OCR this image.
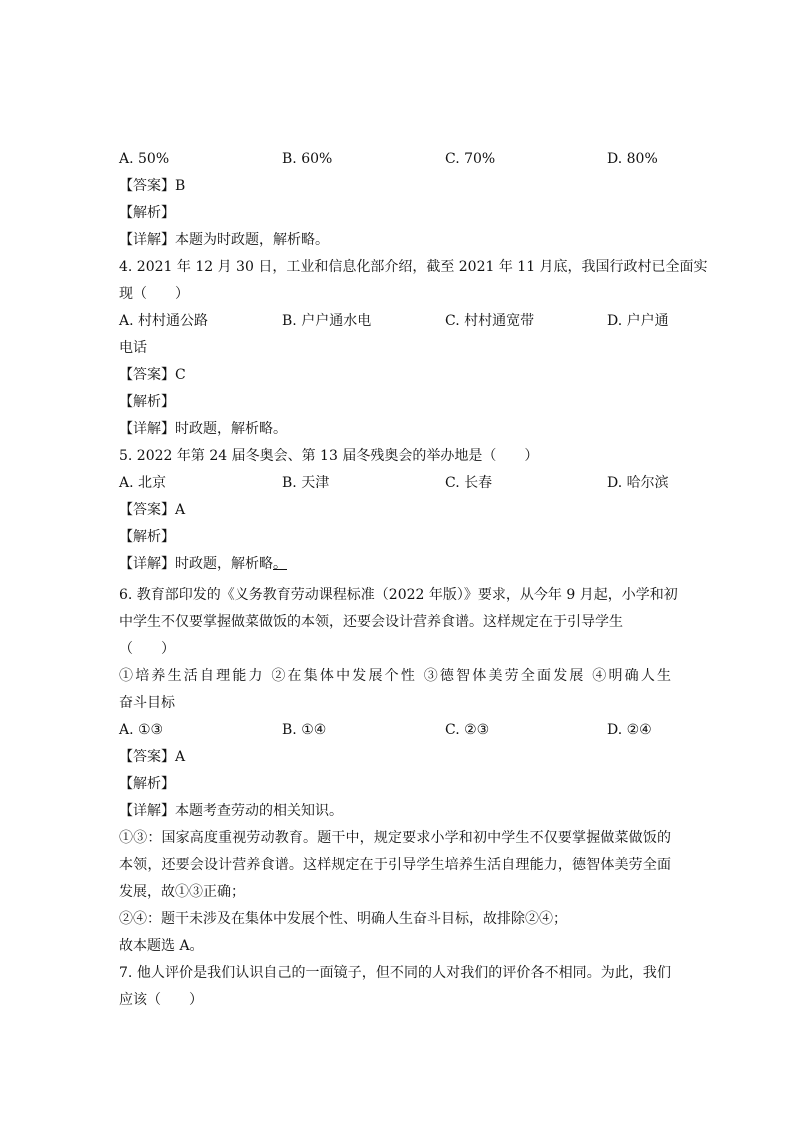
A. 50%	B. 60%	C. 70%	D. 80%
【答案】B
【解析】
【详解】本题为时政题，解析略。
4. 2021 年 12 月 30 日，工业和信息化部介绍，截至 2021 年 11 月底，我国行政村已全面实
现（　　）
A. 村村通公路	B. 户户通水电	C. 村村通宽带	D. 户户通
电话
【答案】C
【解析】
【详解】时政题，解析略。
5. 2022 年第 24 届冬奥会、第 13 届冬残奥会的举办地是（　　）
A. 北京	B. 天津	C. 长春	D. 哈尔滨
【答案】A
【解析】
【详解】时政题，解析略。
6. 教育部印发的《义务教育劳动课程标准（2022 年版）》要求，从今年 9 月起，小学和初
中学生不仅要掌握做菜做饭的本领，还要会设计营养食谱。这样规定在于引导学生
（　　）
①培养生活自理能力 ②在集体中发展个性 ③德智体美劳全面发展 ④明确人生
奋斗目标
A. ①③	B. ①④	C. ②③	D. ②④
【答案】A
【解析】
【详解】本题考查劳动的相关知识。
①③：国家高度重视劳动教育。题干中，规定要求小学和初中学生不仅要掌握做菜做饭的
本领，还要会设计营养食谱。这样规定在于引导学生培养生活自理能力，德智体美劳全面
发展，故①③正确；
②④：题干未涉及在集体中发展个性、明确人生奋斗目标，故排除②④；
故本题选 A。
7. 他人评价是我们认识自己的一面镜子，但不同的人对我们的评价各不相同。为此，我们
应该（　　）
